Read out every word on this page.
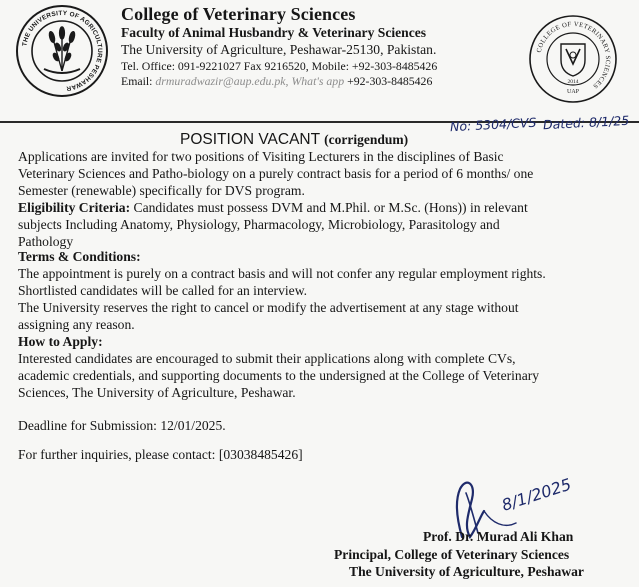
THE UNIVERSITY OF AGRICULTURE PESHAWAR
College of Veterinary Sciences
Faculty of Animal Husbandry & Veterinary Sciences
The University of Agriculture, Peshawar-25130, Pakistan.
Tel. Office: 091-9221027 Fax 9216520, Mobile: +92-303-8485426
Email: drmuradwazir@aup.edu.pk, What's app +92-303-8485426
COLLEGE OF VETERINARY SCIENCES
2014
UAP
No: 5304/CVS Dated: 8/1/25
POSITION VACANT (corrigendum)
Applications are invited for two positions of Visiting Lecturers in the disciplines of Basic
Veterinary Sciences and Patho-biology on a purely contract basis for a period of 6 months/ one
Semester (renewable) specifically for DVS program.
Eligibility Criteria: Candidates must possess DVM and M.Phil. or M.Sc. (Hons)) in relevant
subjects Including Anatomy, Physiology, Pharmacology, Microbiology, Parasitology and
Pathology
Terms & Conditions:
The appointment is purely on a contract basis and will not confer any regular employment rights.
Shortlisted candidates will be called for an interview.
The University reserves the right to cancel or modify the advertisement at any stage without
assigning any reason.
How to Apply:
Interested candidates are encouraged to submit their applications along with complete CVs,
academic credentials, and supporting documents to the undersigned at the College of Veterinary
Sciences, The University of Agriculture, Peshawar.
Deadline for Submission: 12/01/2025.
For further inquiries, please contact: [03038485426]
8/1/2025
Prof. Dr. Murad Ali Khan
Principal, College of Veterinary Sciences
The University of Agriculture, Peshawar
